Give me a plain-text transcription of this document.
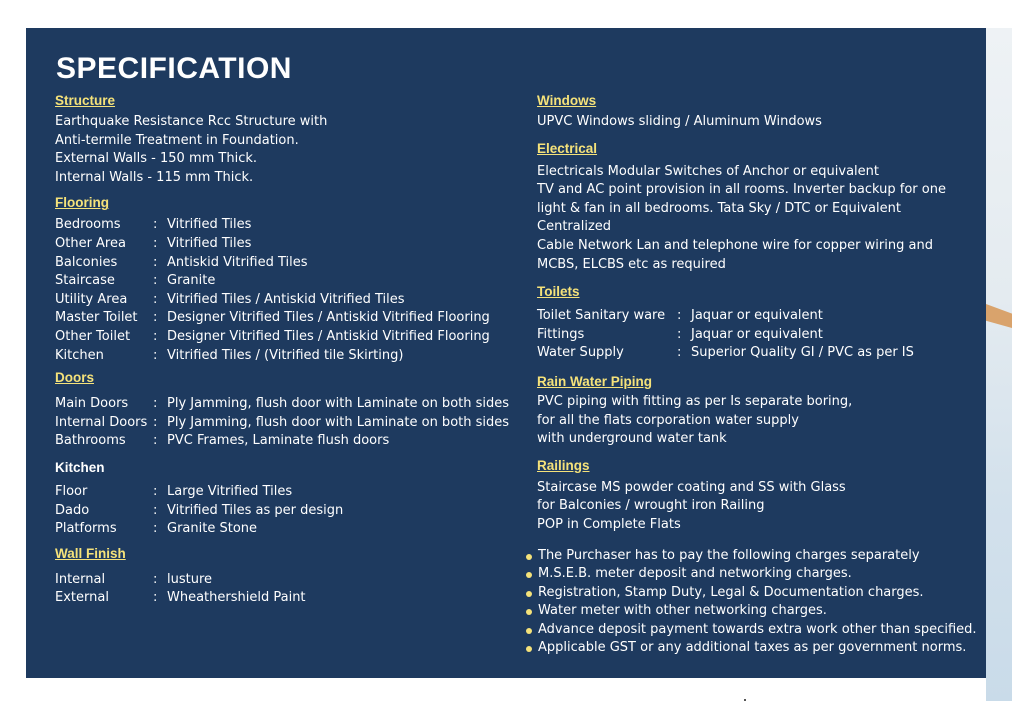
SPECIFICATION
Structure
Earthquake Resistance Rcc Structure with
Anti-termile Treatment in Foundation.
External Walls - 150 mm Thick.
Internal Walls - 115 mm Thick.
Flooring
Bedrooms	: Vitrified Tiles
Other Area	: Vitrified Tiles
Balconies	: Antiskid Vitrified Tiles
Staircase	: Granite
Utility Area	: Vitrified Tiles / Antiskid Vitrified Tiles
Master Toilet	: Designer Vitrified Tiles / Antiskid Vitrified Flooring
Other Toilet	: Designer Vitrified Tiles / Antiskid Vitrified Flooring
Kitchen	: Vitrified Tiles / (Vitrified tile Skirting)
Doors
Main Doors	: Ply Jamming, flush door with Laminate on both sides
Internal Doors : Ply Jamming, flush door with Laminate on both sides
Bathrooms	: PVC Frames, Laminate flush doors
Kitchen
Floor	: Large Vitrified Tiles
Dado	: Vitrified Tiles as per design
Platforms	: Granite Stone
Wall Finish
Internal	: lusture
External	: Wheathershield Paint
Windows
UPVC Windows sliding / Aluminum Windows
Electrical
Electricals Modular Switches of Anchor or equivalent
TV and AC point provision in all rooms. Inverter backup for one
light & fan in all bedrooms. Tata Sky / DTC or Equivalent Centralized
Cable Network Lan and telephone wire for copper wiring and
MCBS, ELCBS etc as required
Toilets
Toilet Sanitary ware : Jaquar or equivalent
Fittings	: Jaquar or equivalent
Water Supply	: Superior Quality GI / PVC as per IS
Rain Water Piping
PVC piping with fitting as per Is separate boring,
for all the flats corporation water supply
with underground water tank
Railings
Staircase MS powder coating and SS with Glass
for Balconies / wrought iron Railing
POP in Complete Flats
The Purchaser has to pay the following charges separately
M.S.E.B. meter deposit and networking charges.
Registration, Stamp Duty, Legal & Documentation charges.
Water meter with other networking charges.
Advance deposit payment towards extra work other than specified.
Applicable GST or any additional taxes as per government norms.
